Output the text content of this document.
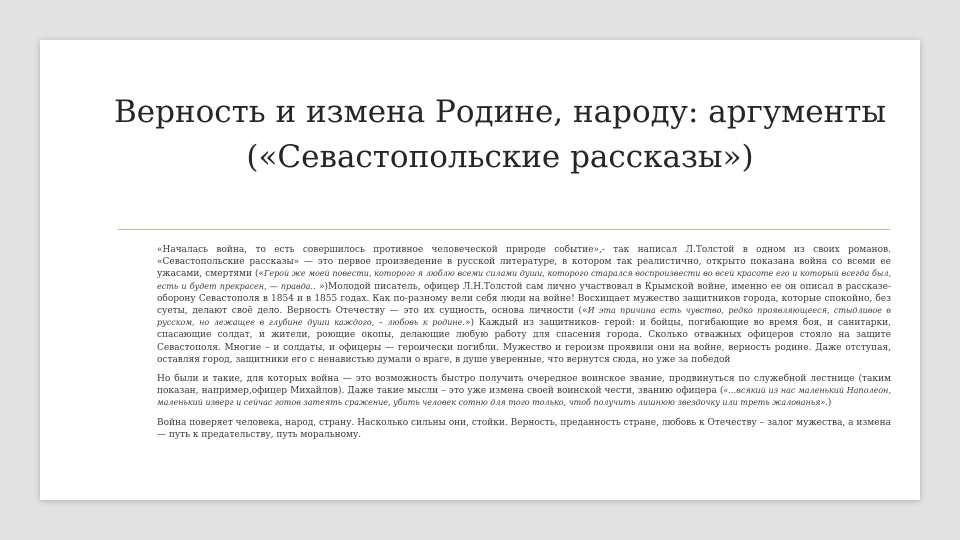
Верность и измена Родине, народу: аргументы («Севастопольские рассказы»)

«Началась война, то есть совершилось противное человеческой природе событие»,- так написал Л.Толстой в одном из своих романов. «Севастопольские рассказы» — это первое произведение в русской литературе, в котором так реалистично, открыто показана война со всеми ее ужасами, смертями («Герой же моей повести, которого я люблю всеми силами души, которого старался воспроизвести во всей красоте его и который всегда был, есть и будет прекрасен, — правда.. »)Молодой писатель, офицер Л.Н.Толстой сам лично участвовал в Крымской войне, именно ее он описал в рассказе- оборону Севастополя в 1854 и в 1855 годах. Как по-разному вели себя люди на войне! Восхищает мужество защитников города, которые спокойно, без суеты, делают своё дело. Верность Отечеству — это их сущность, основа личности («И эта причина есть чувство, редко проявляющееся, стыдливое в русском, но лежащее в глубине души каждого, – любовь к родине.») Каждый из защитников- герой: и бойцы, погибающие во время боя, и санитарки, спасающие солдат, и жители, роющие окопы, делающие любую работу для спасения города. Сколько отважных офицеров стояло на защите Севастополя. Многие – и солдаты, и офицеры — героически погибли. Мужество и героизм проявили они на войне, верность родине. Даже отступая, оставляя город, защитники его с ненавистью думали о враге, в душе уверенные, что вернутся сюда, но уже за победой

Но были и такие, для которых война — это возможность быстро получить очередное воинское звание, продвинуться по служебной лестнице (таким показан, например,офицер Михайлов). Даже такие мысли – это уже измена своей воинской чести, званию офицера («…всякий из нас маленький Наполеон, маленький изверг и сейчас готов затеять сражение, убить человек сотню для того только, чтоб получить лишнюю звездочку или треть жалованья».)

Война поверяет человека, народ, страну. Насколько сильны они, стойки. Верность, преданность стране, любовь к Отечеству – залог мужества, а измена — путь к предательству, путь моральному.
